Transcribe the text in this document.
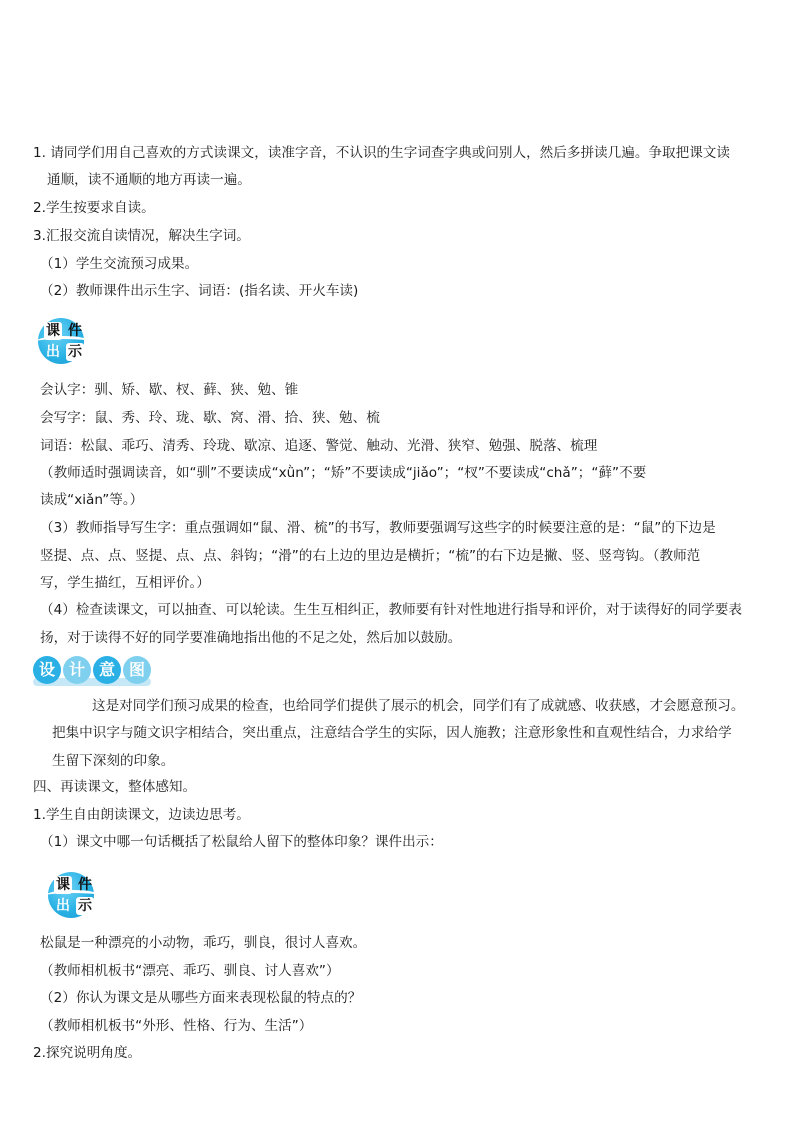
1. 请同学们用自己喜欢的方式读课文，读准字音，不认识的生字词查字典或问别人，然后多拼读几遍。争取把课文读
通顺，读不通顺的地方再读一遍。
2.学生按要求自读。
3.汇报交流自读情况，解决生字词。
（1）学生交流预习成果。
（2）教师课件出示生字、词语：(指名读、开火车读)
课 件
出 示
会认字：驯、矫、歇、杈、藓、狭、勉、锥
会写字：鼠、秀、玲、珑、歇、窝、滑、拾、狭、勉、梳
词语：松鼠、乖巧、清秀、玲珑、歇凉、追逐、警觉、触动、光滑、狭窄、勉强、脱落、梳理
（教师适时强调读音，如“驯”不要读成“xǜn”；“矫”不要读成“jiǎo”；“杈”不要读成“chǎ”；“藓”不要
读成“xiǎn”等。）
（3）教师指导写生字：重点强调如“鼠、滑、梳”的书写，教师要强调写这些字的时候要注意的是：“鼠”的下边是
竖提、点、点、竖提、点、点、斜钩；“滑”的右上边的里边是横折；“梳”的右下边是撇、竖、竖弯钩。（教师范
写，学生描红，互相评价。）
（4）检查读课文，可以抽查、可以轮读。生生互相纠正，教师要有针对性地进行指导和评价，对于读得好的同学要表
扬，对于读得不好的同学要准确地指出他的不足之处，然后加以鼓励。
设 计 意 图
这是对同学们预习成果的检查，也给同学们提供了展示的机会，同学们有了成就感、收获感，才会愿意预习。
把集中识字与随文识字相结合，突出重点，注意结合学生的实际，因人施教；注意形象性和直观性结合，力求给学
生留下深刻的印象。
四、再读课文，整体感知。
1.学生自由朗读课文，边读边思考。
（1）课文中哪一句话概括了松鼠给人留下的整体印象？课件出示：
课 件
出 示
松鼠是一种漂亮的小动物，乖巧，驯良，很讨人喜欢。
（教师相机板书“漂亮、乖巧、驯良、讨人喜欢”）
（2）你认为课文是从哪些方面来表现松鼠的特点的？
（教师相机板书“外形、性格、行为、生活”）
2.探究说明角度。
